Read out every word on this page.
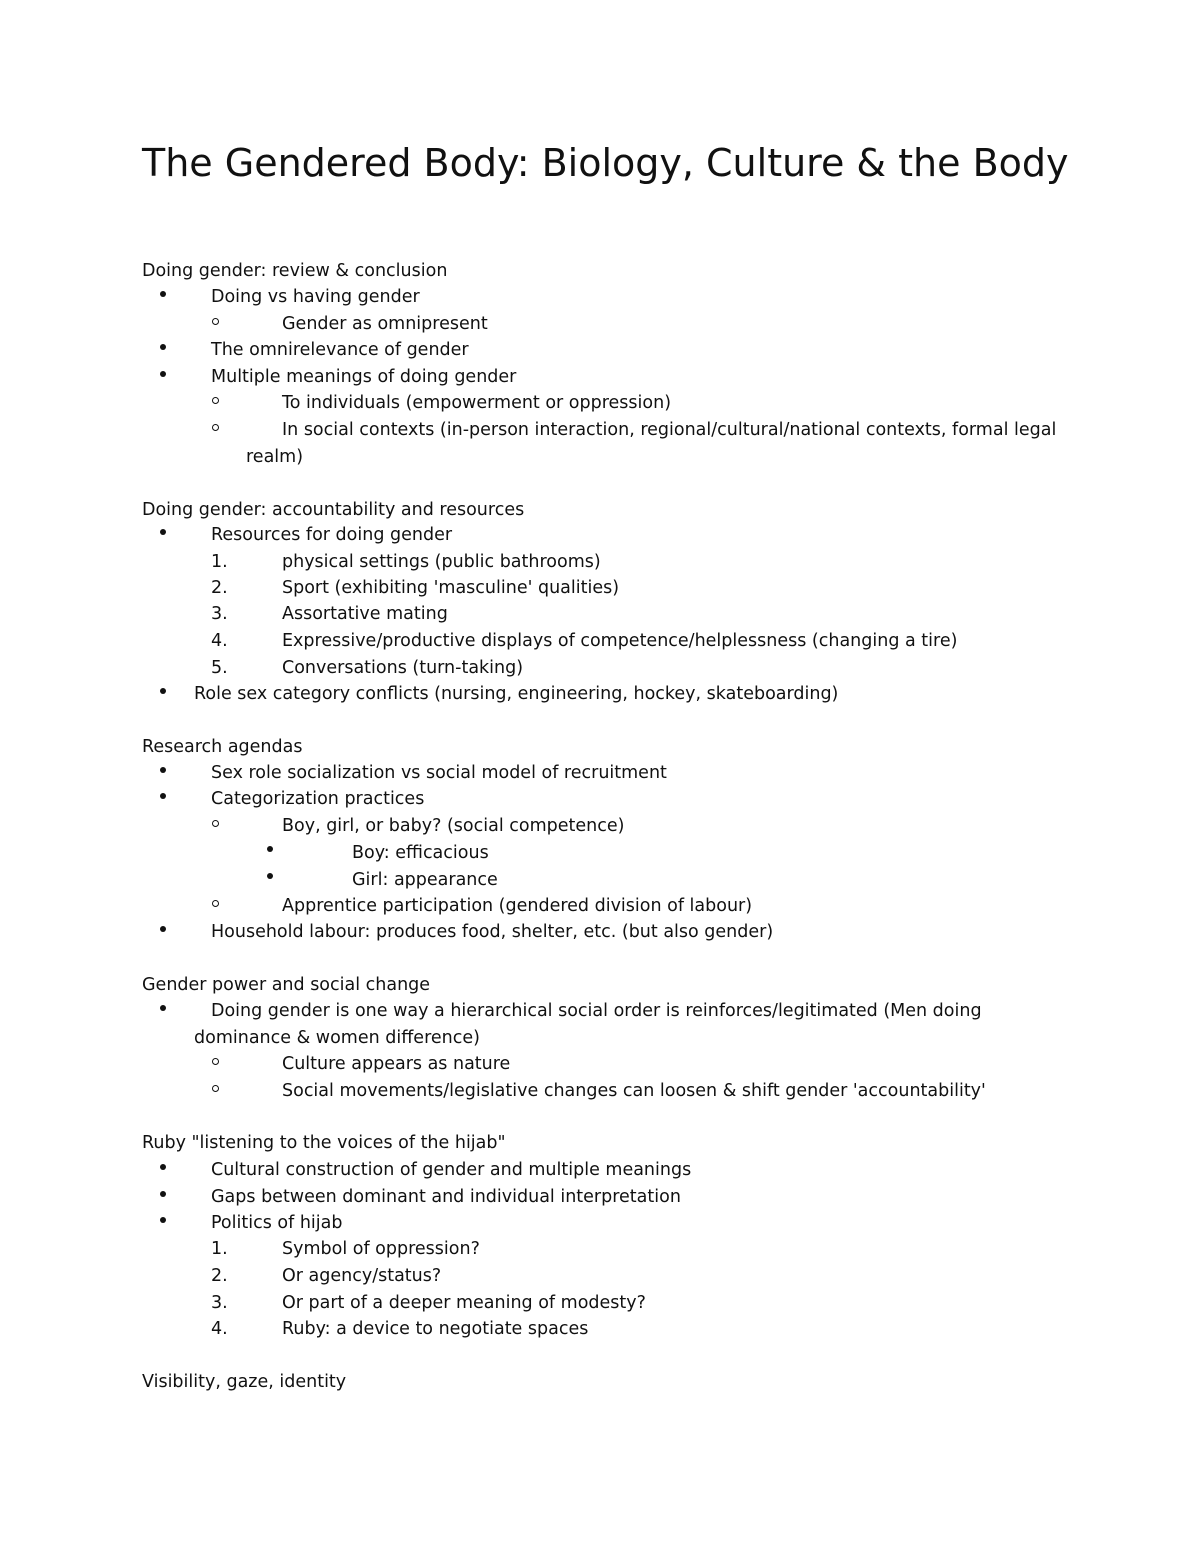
The Gendered Body: Biology, Culture & the Body
Doing gender: review & conclusion
Doing vs having gender
Gender as omnipresent
The omnirelevance of gender
Multiple meanings of doing gender
To individuals (empowerment or oppression)
In social contexts (in-person interaction, regional/cultural/national contexts, formal legal
realm)
Doing gender: accountability and resources
Resources for doing gender
1.	physical settings (public bathrooms)
2.	Sport (exhibiting 'masculine' qualities)
3.	Assortative mating
4.	Expressive/productive displays of competence/helplessness (changing a tire)
5.	Conversations (turn-taking)
Role sex category conflicts (nursing, engineering, hockey, skateboarding)
Research agendas
Sex role socialization vs social model of recruitment
Categorization practices
Boy, girl, or baby? (social competence)
Boy: efficacious
Girl: appearance
Apprentice participation (gendered division of labour)
Household labour: produces food, shelter, etc. (but also gender)
Gender power and social change
Doing gender is one way a hierarchical social order is reinforces/legitimated (Men doing
dominance & women difference)
Culture appears as nature
Social movements/legislative changes can loosen & shift gender 'accountability'
Ruby "listening to the voices of the hijab"
Cultural construction of gender and multiple meanings
Gaps between dominant and individual interpretation
Politics of hijab
1.	Symbol of oppression?
2.	Or agency/status?
3.	Or part of a deeper meaning of modesty?
4.	Ruby: a device to negotiate spaces
Visibility, gaze, identity
